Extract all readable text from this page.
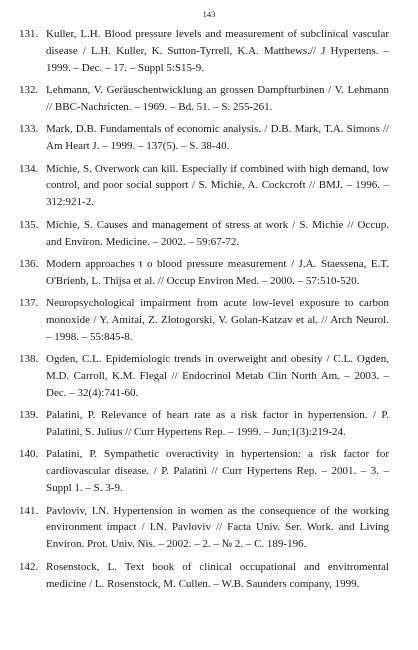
143
131. Kuller, L.H. Blood pressure levels and measurement of subclinical vascular disease / L.H. Kuller, K. Sutton-Tyrrell, K.A. Matthews.// J Hypertens. – 1999. – Dec. – 17. – Suppl 5:S15-9.
132. Lehmann, V. Geräuschentwicklung an grossen Dampfturbinen / V. Lehmann // BBC-Nachricten. – 1969. – Bd. 51. – S. 255-261.
133. Mark, D.B. Fundamentals of economic analysis. / D.B. Mark, T.A. Simons // Am Heart J. – 1999. – 137(5). – S. 38-40.
134. Michie, S. Overwork can kill. Especially if combined with high demand, low control, and poor social support / S. Michie, A. Cockcroft // BMJ. – 1996. – 312:921-2.
135. Michie, S. Causes and management of stress at work / S. Michie // Occup. and Environ. Medicine. – 2002. – 59:67-72.
136. Modern approaches t o blood pressure measurement / J.A. Staessena, E.T. O'Brienb, L. Thijsa et al. // Occup Environ Med. – 2000. – 57:510-520.
137. Neuropsychological impairment from acute low-level exposure to carbon monoxide / Y. Amitai, Z. Zlotogorski, V. Golan-Katzav et al. // Arch Neurol. – 1998. – 55:845-8.
138. Ogden, C.L. Epidemiologic trends in overweight and obesity / C.L. Ogden, M.D. Carroll, K.M. Flegal // Endocrinol Metab Clin North Am. – 2003. – Dec. – 32(4):741-60.
139. Palatini, P. Relevance of heart rate as a risk factor in hypertension. / P. Palatini, S. Julius // Curr Hypertens Rep. – 1999. – Jun;1(3):219-24.
140. Palatini, P. Sympathetic overactivity in hypertension: a risk factor for cardiovascular disease. / P. Palatini // Curr Hypertens Rep. – 2001. – 3. – Suppl 1. – S. 3-9.
141. Pavloviv, I.N. Hypertension in women as the consequence of the working environment impact / I.N. Pavloviv // Facta Univ. Ser. Work. and Living Environ. Prot. Univ. Nis. – 2002. – 2. – № 2. – C. 189-196.
142. Rosenstock, L. Text book of clinical occupational and envitromental medicine / L. Rosenstock, M. Cullen. – W.B. Saunders company, 1999.
